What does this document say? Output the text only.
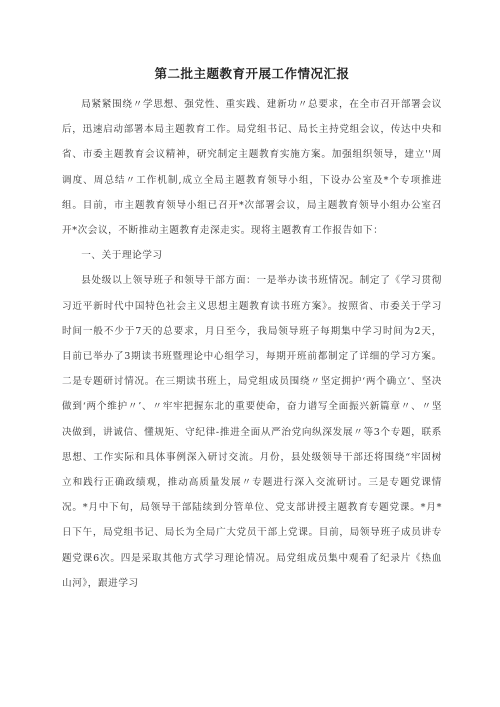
第二批主题教育开展工作情况汇报

局紧紧围绕〃学思想、强党性、重实践、建新功〃总要求，在全市召开部署会议后，迅速启动部署本局主题教育工作。局党组书记、局长主持党组会议，传达中央和省、市委主题教育会议精神，研究制定主题教育实施方案。加强组织领导，建立''周调度、周总结〃工作机制,成立全局主题教育领导小组，下设办公室及*个专项推进组。目前，市主题教育领导小组已召开*次部署会议，局主题教育领导小组办公室召开*次会议，不断推动主题教育走深走实。现将主题教育工作报告如下：

一、关于理论学习

县处级以上领导班子和领导干部方面：一是举办读书班情况。制定了《学习贯彻习近平新时代中国特色社会主义思想主题教育读书班方案》。按照省、市委关于学习时间一般不少于7天的总要求，月日至今，我局领导班子每期集中学习时间为2天，目前已举办了3期读书班暨理论中心组学习，每期开班前都制定了详细的学习方案。二是专题研讨情况。在三期读书班上，局党组成员围绕〃坚定拥护‘两个确立’、坚决做到‘两个维护〃’、〃牢牢把握东北的重要使命，奋力谱写全面振兴新篇章〃、〃坚决做到，讲诚信、懂规矩、守纪律-推进全面从严治党向纵深发展〃等3个专题，联系思想、工作实际和具体事例深入研讨交流。月份，县处级领导干部还将围绕“牢固树立和践行正确政绩观，推动高质量发展〃专题进行深入交流研讨。三是专题党课情况。*月中下旬，局领导干部陆续到分管单位、党支部讲授主题教育专题党课。*月*日下午，局党组书记、局长为全局广大党员干部上党课。目前，局领导班子成员讲专题党课6次。四是采取其他方式学习理论情况。局党组成员集中观看了纪录片《热血山河》，跟进学习
